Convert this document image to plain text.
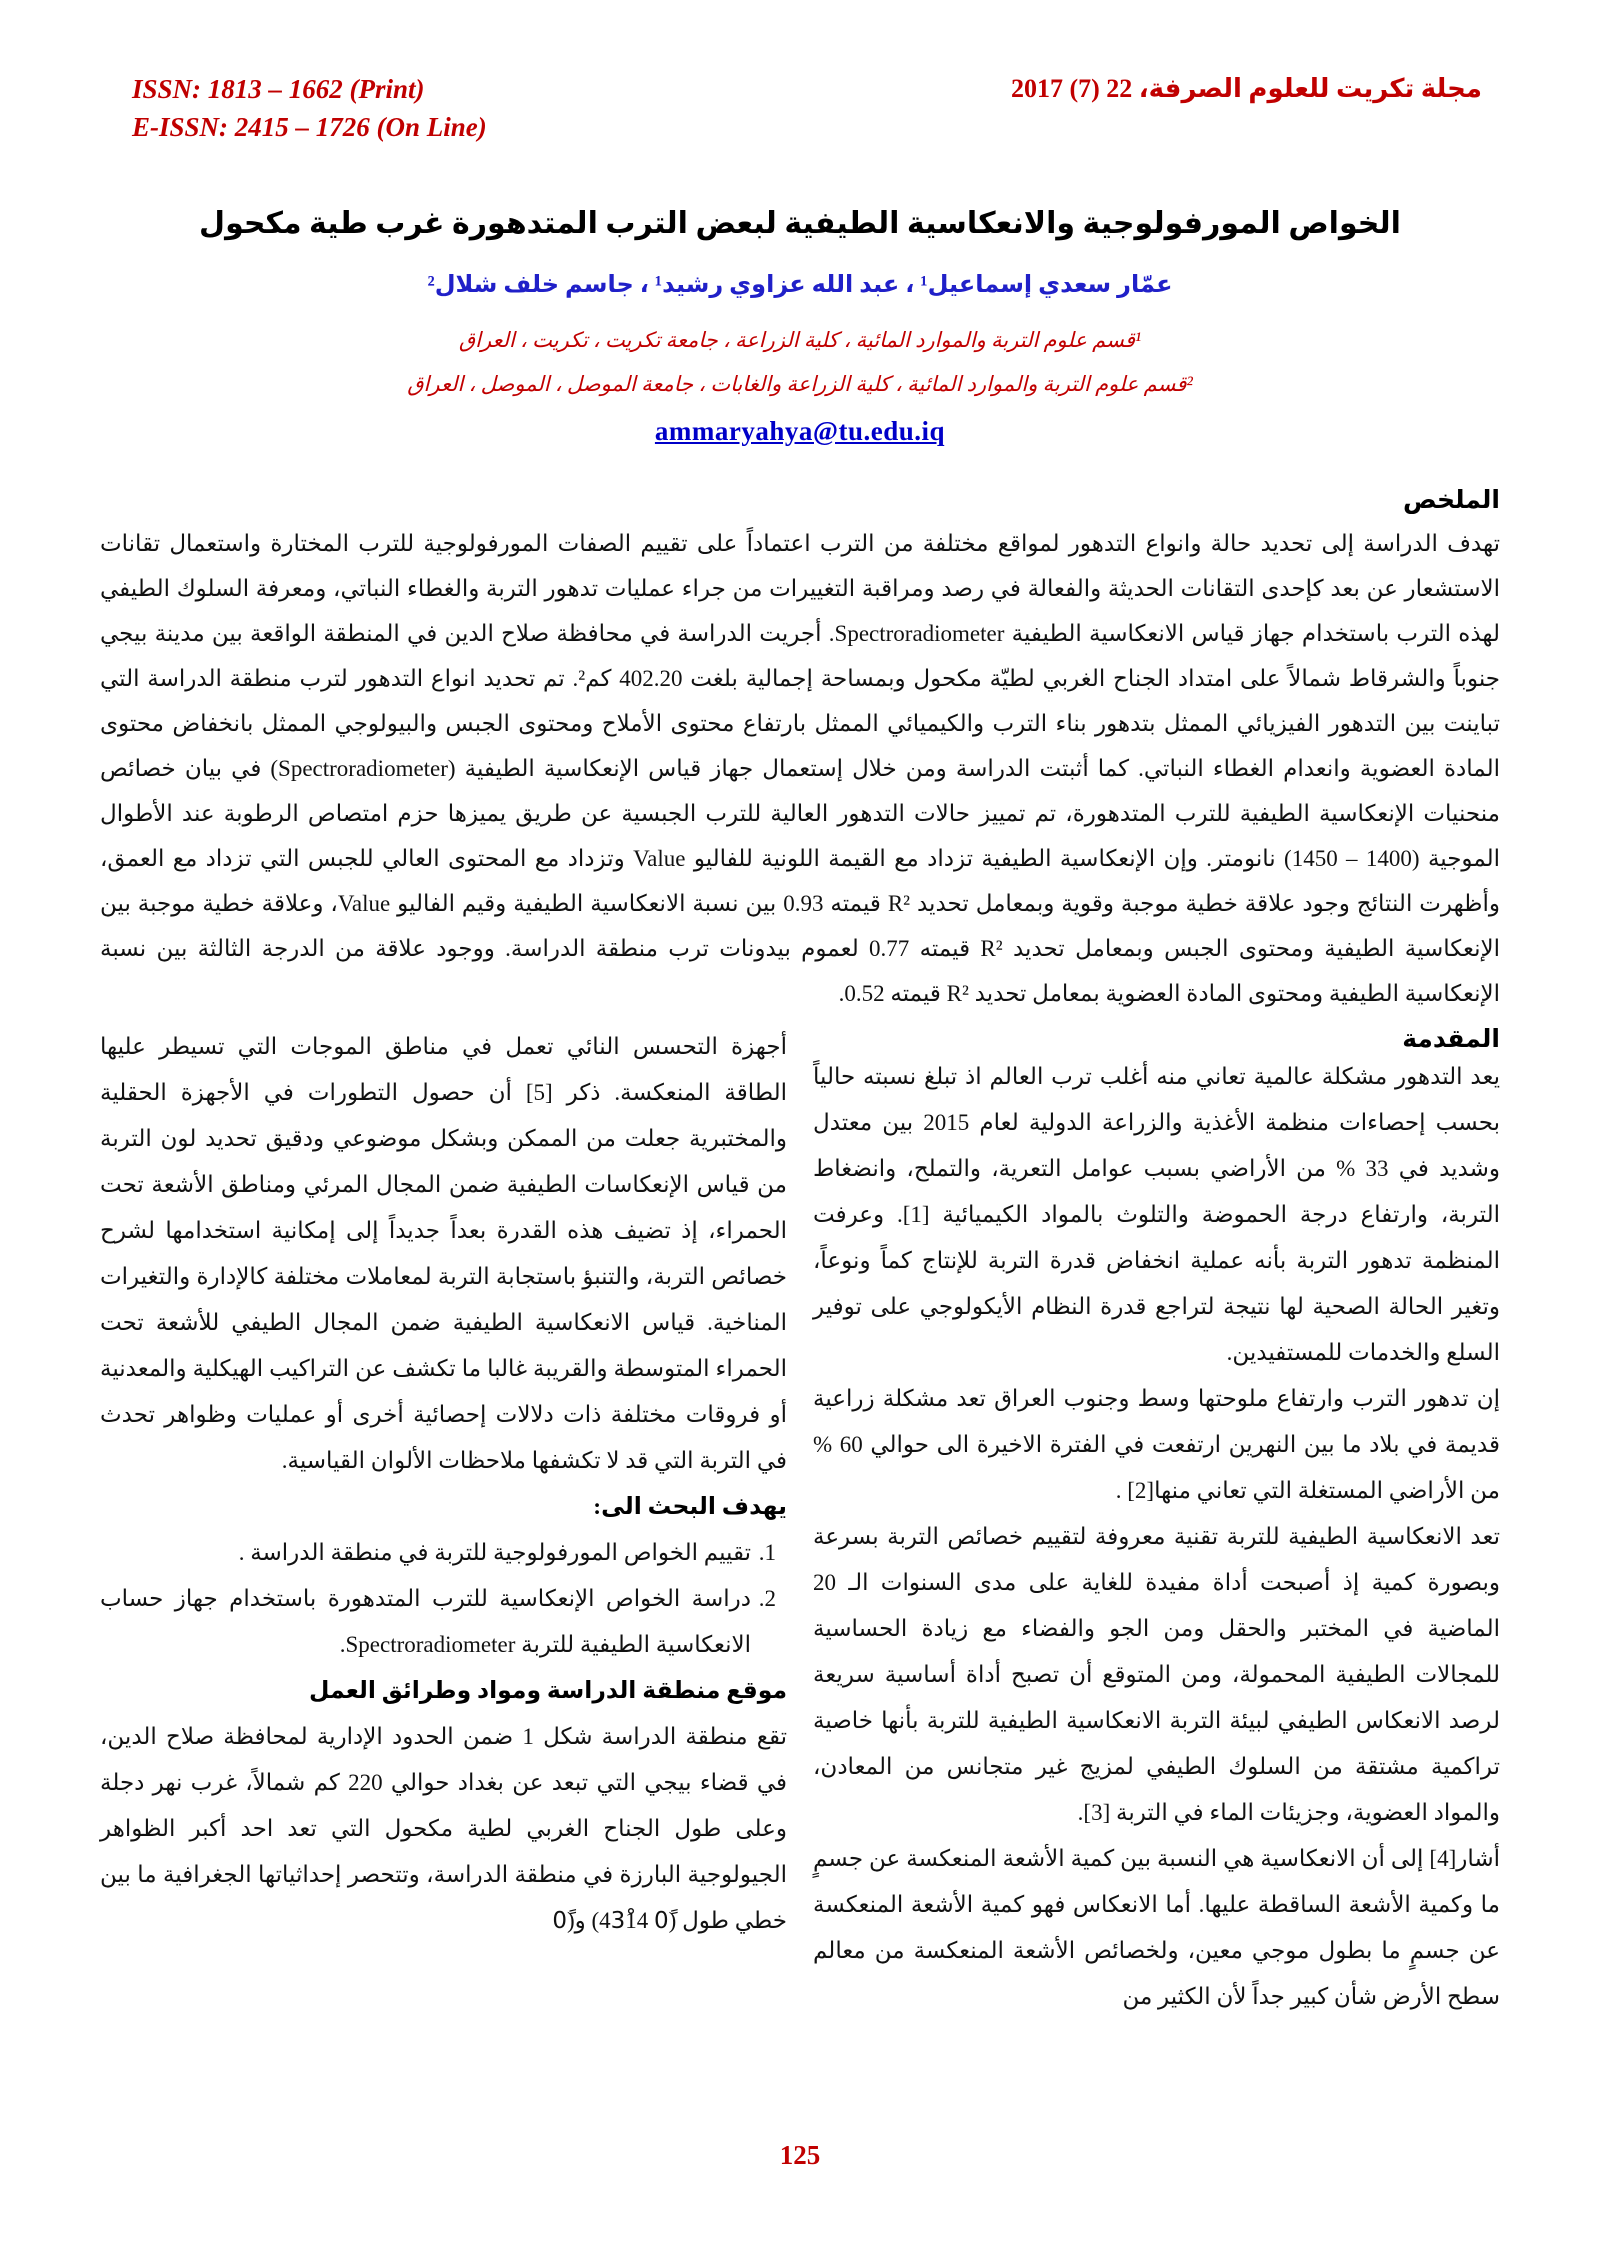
ISSN: 1813 – 1662 (Print)
E-ISSN: 2415 – 1726 (On Line)
مجلة تكريت للعلوم الصرفة، 22 (7) 2017
الخواص المورفولوجية والانعكاسية الطيفية لبعض الترب المتدهورة غرب طية مكحول
عمّار سعدي إسماعيل¹ ، عبد الله عزاوي رشيد¹ ، جاسم خلف شلال²
¹قسم علوم التربة والموارد المائية ، كلية الزراعة ، جامعة تكريت ، تكريت ، العراق
²قسم علوم التربة والموارد المائية ، كلية الزراعة والغابات ، جامعة الموصل ، الموصل ، العراق
ammaryahya@tu.edu.iq
الملخص

تهدف الدراسة إلى تحديد حالة وانواع التدهور لمواقع مختلفة من الترب اعتماداً على تقييم الصفات المورفولوجية للترب المختارة واستعمال تقانات الاستشعار عن بعد كإحدى التقانات الحديثة والفعالة في رصد ومراقبة التغييرات من جراء عمليات تدهور التربة والغطاء النباتي، ومعرفة السلوك الطيفي لهذه الترب باستخدام جهاز قياس الانعكاسية الطيفية Spectroradiometer. أجريت الدراسة في محافظة صلاح الدين في المنطقة الواقعة بين مدينة بيجي جنوباً والشرقاط شمالاً على امتداد الجناح الغربي لطيّة مكحول وبمساحة إجمالية بلغت 402.20 كم². تم تحديد انواع التدهور لترب منطقة الدراسة التي تباينت بين التدهور الفيزيائي الممثل بتدهور بناء الترب والكيميائي الممثل بارتفاع محتوى الأملاح ومحتوى الجبس والبيولوجي الممثل بانخفاض محتوى المادة العضوية وانعدام الغطاء النباتي. كما أثبتت الدراسة ومن خلال إستعمال جهاز قياس الإنعكاسية الطيفية (Spectroradiometer) في بيان خصائص منحنيات الإنعكاسية الطيفية للترب المتدهورة، تم تمييز حالات التدهور العالية للترب الجبسية عن طريق يميزها حزم امتصاص الرطوبة عند الأطوال الموجية (1400 – 1450) نانومتر. وإن الإنعكاسية الطيفية تزداد مع القيمة اللونية للفاليو Value وتزداد مع المحتوى العالي للجبس التي تزداد مع العمق، وأظهرت النتائج وجود علاقة خطية موجبة وقوية وبمعامل تحديد R² قيمته 0.93 بين نسبة الانعكاسية الطيفية وقيم الفاليو Value، وعلاقة خطية موجبة بين الإنعكاسية الطيفية ومحتوى الجبس وبمعامل تحديد R² قيمته 0.77 لعموم بيدونات ترب منطقة الدراسة. ووجود علاقة من الدرجة الثالثة بين نسبة الإنعكاسية الطيفية ومحتوى المادة العضوية بمعامل تحديد R² قيمته 0.52.

المقدمة

يعد التدهور مشكلة عالمية تعاني منه أغلب ترب العالم اذ تبلغ نسبته حالياً بحسب إحصاءات منظمة الأغذية والزراعة الدولية لعام 2015 بين معتدل وشديد في 33 % من الأراضي بسبب عوامل التعرية، والتملح، وانضغاط التربة، وارتفاع درجة الحموضة والتلوث بالمواد الكيميائية [1]. وعرفت المنظمة تدهور التربة بأنه عملية انخفاض قدرة التربة للإنتاج كماً ونوعاً، وتغير الحالة الصحية لها نتيجة لتراجع قدرة النظام الأيكولوجي على توفير السلع والخدمات للمستفيدين.

إن تدهور الترب وارتفاع ملوحتها وسط وجنوب العراق تعد مشكلة زراعية قديمة في بلاد ما بين النهرين ارتفعت في الفترة الاخيرة الى حوالي 60 % من الأراضي المستغلة التي تعاني منها[2] .

تعد الانعكاسية الطيفية للتربة تقنية معروفة لتقييم خصائص التربة بسرعة وبصورة كمية إذ أصبحت أداة مفيدة للغاية على مدى السنوات الـ 20 الماضية في المختبر والحقل ومن الجو والفضاء مع زيادة الحساسية للمجالات الطيفية المحمولة، ومن المتوقع أن تصبح أداة أساسية سريعة لرصد الانعكاس الطيفي لبيئة التربة الانعكاسية الطيفية للتربة بأنها خاصية تراكمية مشتقة من السلوك الطيفي لمزيج غير متجانس من المعادن، والمواد العضوية، وجزيئات الماء في التربة [3].

أشار[4] إلى أن الانعكاسية هي النسبة بين كمية الأشعة المنعكسة عن جسمٍ ما وكمية الأشعة الساقطة عليها. أما الانعكاس فهو كمية الأشعة المنعكسة عن جسمٍ ما بطول موجي معين، ولخصائص الأشعة المنعكسة من معالم سطح الأرض شأن كبير جداً لأن الكثير من

أجهزة التحسس النائي تعمل في مناطق الموجات التي تسيطر عليها الطاقة المنعكسة. ذكر [5] أن حصول التطورات في الأجهزة الحقلية والمختبرية جعلت من الممكن وبشكل موضوعي ودقيق تحديد لون التربة من قياس الإنعكاسات الطيفية ضمن المجال المرئي ومناطق الأشعة تحت الحمراء، إذ تضيف هذه القدرة بعداً جديداً إلى إمكانية استخدامها لشرح خصائص التربة، والتنبؤ باستجابة التربة لمعاملات مختلفة كالإدارة والتغيرات المناخية. قياس الانعكاسية الطيفية ضمن المجال الطيفي للأشعة تحت الحمراء المتوسطة والقريبة غالبا ما تكشف عن التراكيب الهيكلية والمعدنية أو فروقات مختلفة ذات دلالات إحصائية أخرى أو عمليات وظواهر تحدث في التربة التي قد لا تكشفها ملاحظات الألوان القياسية.

يهدف البحث الى:
1. تقييم الخواص المورفولوجية للتربة في منطقة الدراسة .
2. دراسة الخواص الإنعكاسية للترب المتدهورة باستخدام جهاز حساب الانعكاسية الطيفية للتربة Spectroradiometer.
موقع منطقة الدراسة ومواد وطرائق العمل

تقع منطقة الدراسة شكل 1 ضمن الحدود الإدارية لمحافظة صلاح الدين، في قضاء بيجي التي تبعد عن بغداد حوالي 220 كم شمالاً، غرب نهر دجلة وعلى طول الجناح الغربي لطية مكحول التي تعد احد أكبر الظواهر الجيولوجية البارزة في منطقة الدراسة، وتتحصر إحداثياتها الجغرافية ما بين خطي طول (0ً 43ْ14) و(0ً

125
